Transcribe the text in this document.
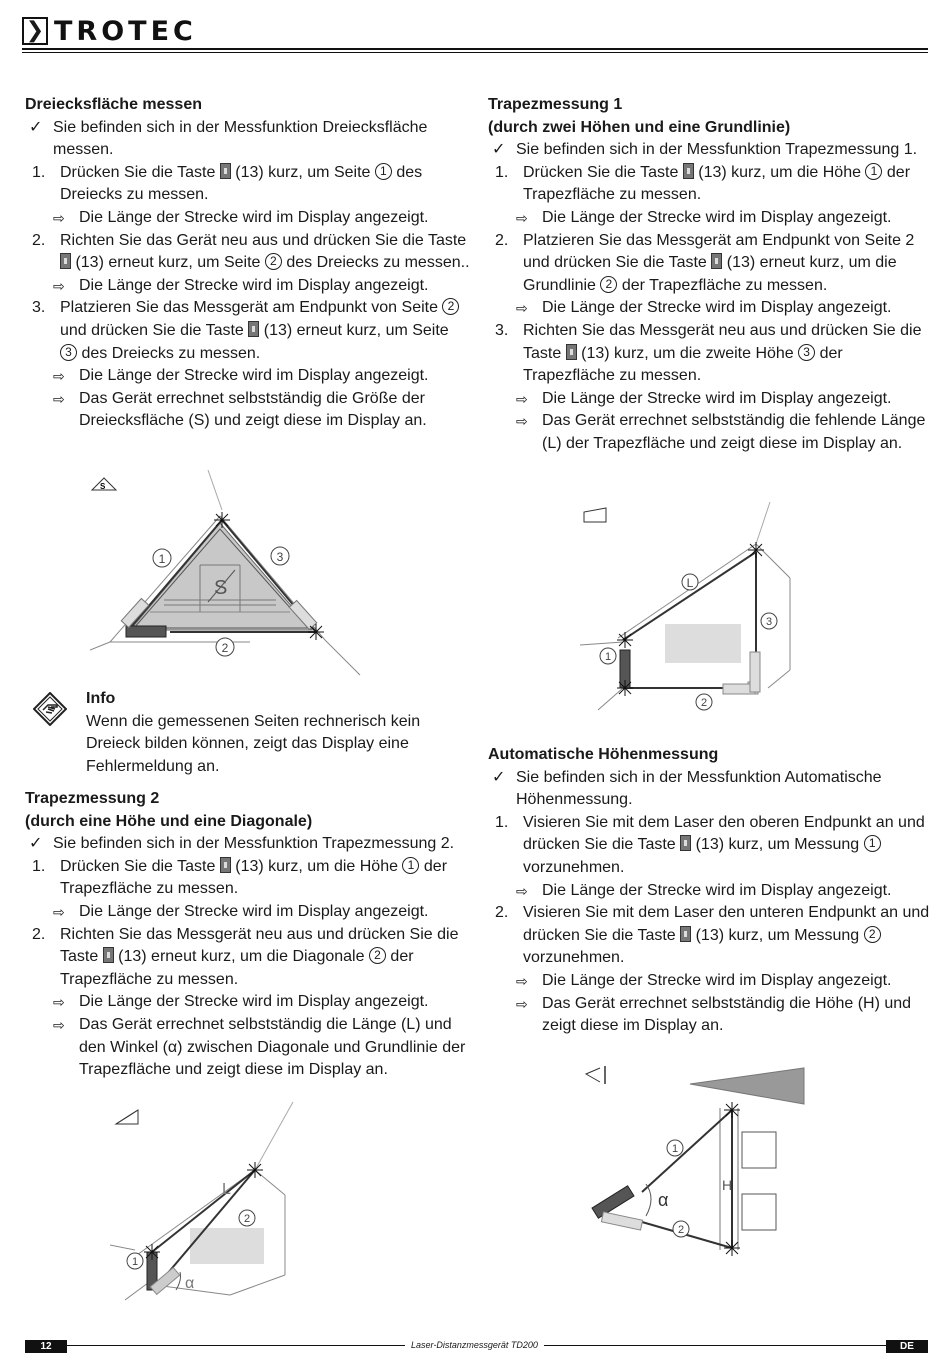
❯ TROTEC
Dreiecksfläche messen
✓ Sie befinden sich in der Messfunktion Dreiecksfläche messen.
1. Drücken Sie die Taste (13) kurz, um Seite 1 des Dreiecks zu messen.
⇨ Die Länge der Strecke wird im Display angezeigt.
2. Richten Sie das Gerät neu aus und drücken Sie die Taste  (13) erneut kurz, um Seite 2 des Dreiecks zu messen..
⇨ Die Länge der Strecke wird im Display angezeigt.
3. Platzieren Sie das Messgerät am Endpunkt von Seite 2 und drücken Sie die Taste (13) erneut kurz, um Seite 3 des Dreiecks zu messen.
⇨ Die Länge der Strecke wird im Display angezeigt.
⇨ Das Gerät errechnet selbstständig die Größe der Dreiecksfläche (S) und zeigt diese im Display an.
S
S
1	3
2
Info
Wenn die gemessenen Seiten rechnerisch kein Dreieck bilden können, zeigt das Display eine Fehlermeldung an.
Trapezmessung 2
(durch eine Höhe und eine Diagonale)
✓ Sie befinden sich in der Messfunktion Trapezmessung 2.
1. Drücken Sie die Taste (13) kurz, um die Höhe 1 der Trapezfläche zu messen.
⇨ Die Länge der Strecke wird im Display angezeigt.
2. Richten Sie das Messgerät neu aus und drücken Sie die Taste (13) erneut kurz, um die Diagonale 2 der Trapezfläche zu messen.
⇨ Die Länge der Strecke wird im Display angezeigt.
⇨ Das Gerät errechnet selbstständig die Länge (L) und den Winkel (α) zwischen Diagonale und Grundlinie der Trapezfläche und zeigt diese im Display an.
α
L
1
2
Trapezmessung 1
(durch zwei Höhen und eine Grundlinie)
✓ Sie befinden sich in der Messfunktion Trapezmessung 1.
1. Drücken Sie die Taste (13) kurz, um die Höhe 1 der Trapezfläche zu messen.
⇨ Die Länge der Strecke wird im Display angezeigt.
2. Platzieren Sie das Messgerät am Endpunkt von Seite 2 und drücken Sie die Taste (13) erneut kurz, um die Grundlinie 2 der Trapezfläche zu messen.
⇨ Die Länge der Strecke wird im Display angezeigt.
3. Richten Sie das Messgerät neu aus und drücken Sie die Taste (13) kurz, um die zweite Höhe 3 der Trapezfläche zu messen.
⇨ Die Länge der Strecke wird im Display angezeigt.
⇨ Das Gerät errechnet selbstständig die fehlende Länge (L) der Trapezfläche und zeigt diese im Display an.
L
1
3
2
Automatische Höhenmessung
✓ Sie befinden sich in der Messfunktion Automatische Höhenmessung.
1. Visieren Sie mit dem Laser den oberen Endpunkt an und drücken Sie die Taste (13) kurz, um Messung 1 vorzunehmen.
⇨ Die Länge der Strecke wird im Display angezeigt.
2. Visieren Sie mit dem Laser den unteren Endpunkt an und drücken Sie die Taste (13) kurz, um Messung 2 vorzunehmen.
⇨ Die Länge der Strecke wird im Display angezeigt.
⇨ Das Gerät errechnet selbstständig die Höhe (H) und zeigt diese im Display an.
α
H
1
2
12	Laser-Distanzmessgerät TD200	DE
